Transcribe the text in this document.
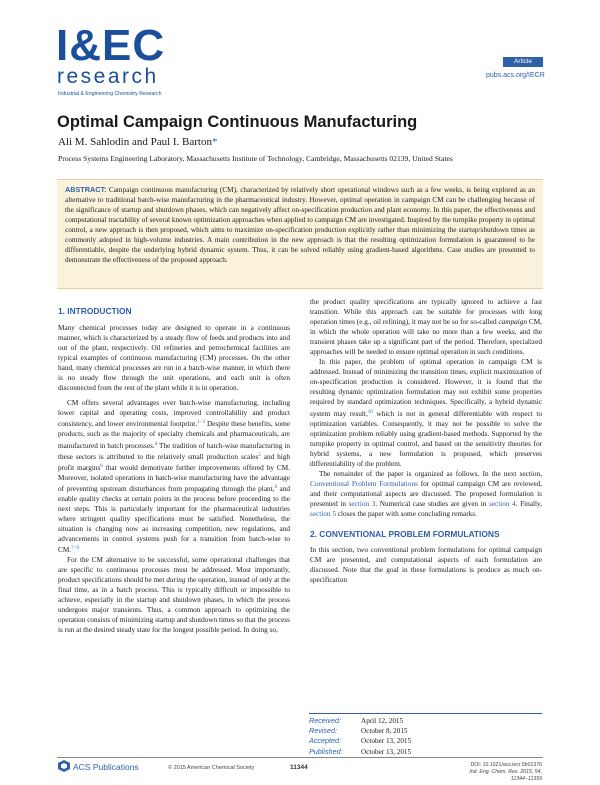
I&EC
research
Industrial & Engineering Chemistry Research
Article
pubs.acs.org/IECR
Optimal Campaign Continuous Manufacturing
Ali M. Sahlodin and Paul I. Barton*
Process Systems Engineering Laboratory, Massachusetts Institute of Technology, Cambridge, Massachusetts 02139, United States
ABSTRACT: Campaign continuous manufacturing (CM), characterized by relatively short operational windows such as a few weeks, is being explored as an alternative to traditional batch-wise manufacturing in the pharmaceutical industry. However, optimal operation in campaign CM can be challenging because of the significance of startup and shutdown phases, which can negatively affect on-specification production and plant economy. In this paper, the effectiveness and computational tractability of several known optimization approaches when applied to campaign CM are investigated. Inspired by the turnpike property in optimal control, a new approach is then proposed, which aims to maximize on-specification production explicitly rather than minimizing the startup/shutdown times as commonly adopted in high-volume industries. A main contribution in the new approach is that the resulting optimization formulation is guaranteed to be differentiable, despite the underlying hybrid dynamic system. Thus, it can be solved reliably using gradient-based algorithms. Case studies are presented to demonstrate the effectiveness of the proposed approach.
1. INTRODUCTION

Many chemical processes today are designed to operate in a continuous manner, which is characterized by a steady flow of feeds and products into and out of the plant, respectively. Oil refineries and petrochemical facilities are typical examples of continuous manufacturing (CM) processes. On the other hand, many chemical processes are run in a batch-wise manner, in which there is no steady flow through the unit operations, and each unit is often disconnected from the rest of the plant while it is in operation.

CM offers several advantages over batch-wise manufacturing, including lower capital and operating costs, improved controllability and product consistency, and lower environmental footprint.$^{1-3}$ Despite these benefits, some products, such as the majority of specialty chemicals and pharmaceuticals, are manufactured in batch processes.$^4$ The tradition of batch-wise manufacturing in these sectors is attributed to the relatively small production scales$^5$ and high profit margins$^6$ that would demotivate further improvements offered by CM. Moreover, isolated operations in batch-wise manufacturing have the advantage of preventing upstream disturbances from propagating through the plant,$^6$ and enable quality checks at certain points in the process before proceeding to the next steps. This is particularly important for the pharmaceutical industries where stringent quality specifications must be satisfied. Nonetheless, the situation is changing now as increasing competition, new regulations, and advancements in control systems push for a transition from batch-wise to CM.$^{7-9}$

For the CM alternative to be successful, some operational challenges that are specific to continuous processes must be addressed. Most importantly, product specifications should be met during the operation, instead of only at the final time, as in a batch process. This is typically difficult or impossible to achieve, especially in the startup and shutdown phases, in which the process undergoes major transients. Thus, a common approach to optimizing the operation consists of minimizing startup and shutdown times so that the process is run at the desired steady state for the longest possible period. In doing so,

the product quality specifications are typically ignored to achieve a fast transition. While this approach can be suitable for processes with long operation times (e.g., oil refining), it may not be so for so-called campaign CM, in which the whole operation will take no more than a few weeks, and the transient phases take up a significant part of the period. Therefore, specialized approaches will be needed to ensure optimal operation in such conditions.

In this paper, the problem of optimal operation in campaign CM is addressed. Instead of minimizing the transition times, explicit maximization of on-specification production is considered. However, it is found that the resulting dynamic optimization formulation may not exhibit some properties required by standard optimization techniques. Specifically, a hybrid dynamic system may result,$^{10}$ which is not in general differentiable with respect to optimization variables. Consequently, it may not be possible to solve the optimization problem reliably using gradient-based methods. Supported by the turnpike property in optimal control, and based on the sensitivity theories for hybrid systems, a new formulation is proposed, which preserves differentiability of the problem.

The remainder of the paper is organized as follows. In the next section, Conventional Problem Formulations for optimal campaign CM are reviewed, and their computational aspects are discussed. The proposed formulation is presented in section 3. Numerical case studies are given in section 4. Finally, section 5 closes the paper with some concluding remarks.

2. CONVENTIONAL PROBLEM FORMULATIONS

In this section, two conventional problem formulations for optimal campaign CM are presented, and computational aspects of each formulation are discussed. Note that the goal in these formulations is produce as much on-specification

Received:	April 12, 2015
Revised:	October 8, 2015
Accepted:	October 13, 2015
Published:	October 13, 2015
ACS Publications	© 2015 American Chemical Society	11344	DOI: 10.1021/acs.iecr.5b01376
Ind. Eng. Chem. Res. 2015, 54, 11344−11359
